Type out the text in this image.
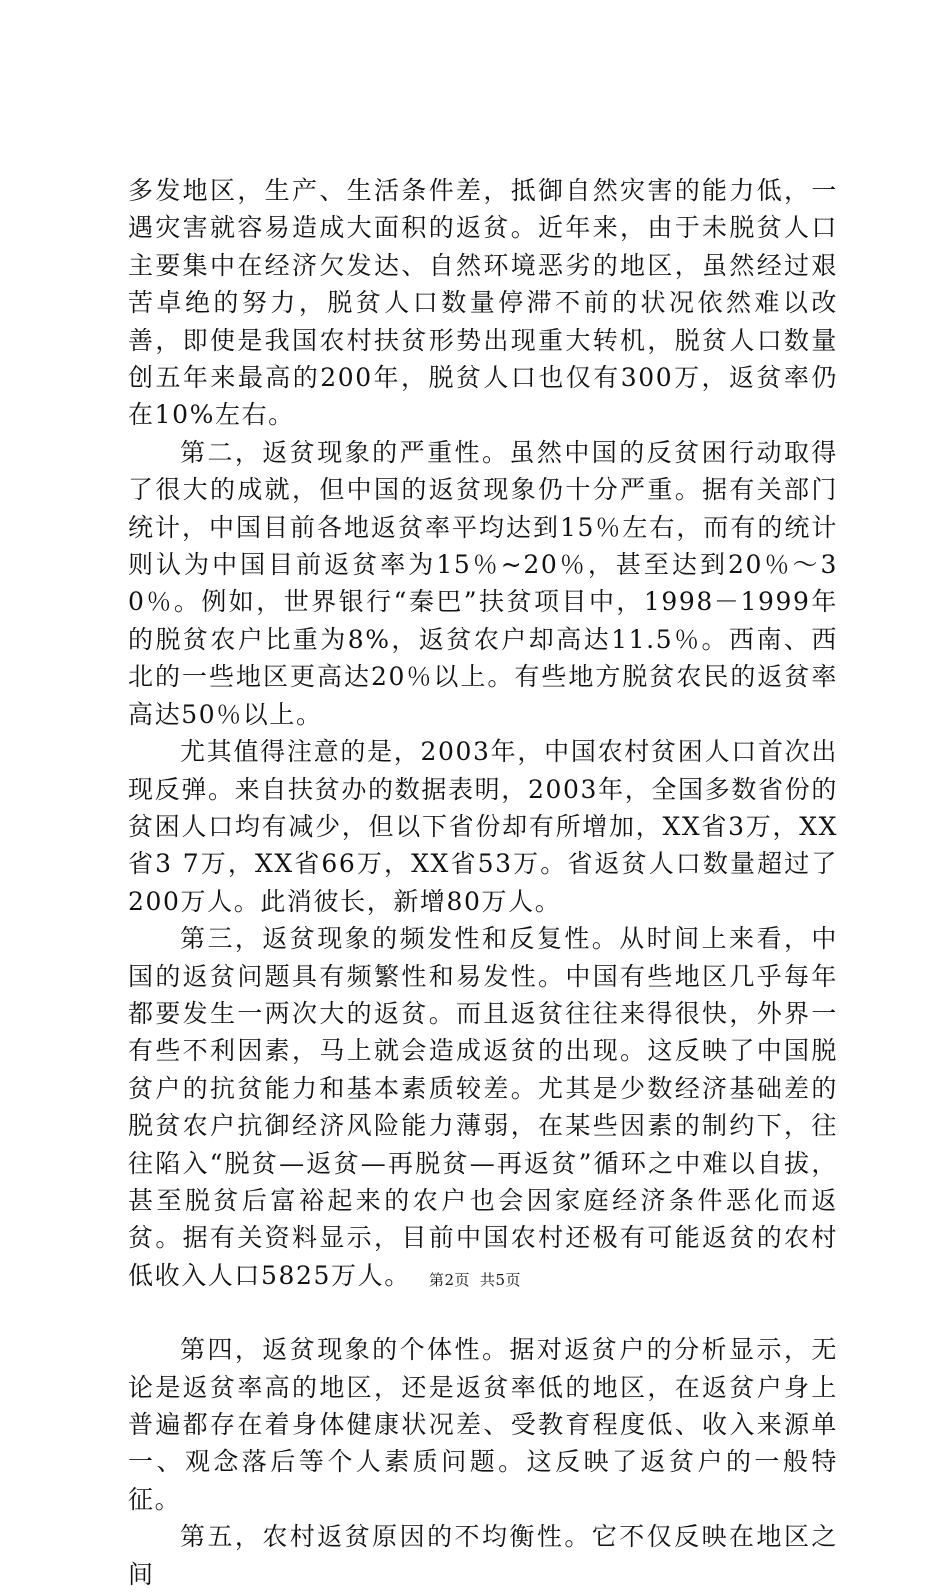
多发地区，生产、生活条件差，抵御自然灾害的能力低，一遇灾害就容易造成大面积的返贫。近年来，由于未脱贫人口主要集中在经济欠发达、自然环境恶劣的地区，虽然经过艰苦卓绝的努力，脱贫人口数量停滞不前的状况依然难以改善，即使是我国农村扶贫形势出现重大转机，脱贫人口数量创五年来最高的200年，脱贫人口也仅有300万，返贫率仍在10%左右。

第二，返贫现象的严重性。虽然中国的反贫困行动取得了很大的成就，但中国的返贫现象仍十分严重。据有关部门统计，中国目前各地返贫率平均达到15％左右，而有的统计则认为中国目前返贫率为15％~20％，甚至达到20％～30％。例如，世界银行“秦巴”扶贫项目中，1998－1999年的脱贫农户比重为8%，返贫农户却高达11.5％。西南、西北的一些地区更高达20％以上。有些地方脱贫农民的返贫率高达50％以上。

尤其值得注意的是，2003年，中国农村贫困人口首次出现反弹。来自扶贫办的数据表明，2003年，全国多数省份的贫困人口均有减少，但以下省份却有所增加，XX省3万，XX省3 7万，XX省66万，XX省53万。省返贫人口数量超过了200万人。此消彼长，新增80万人。

第三，返贫现象的频发性和反复性。从时间上来看，中国的返贫问题具有频繁性和易发性。中国有些地区几乎每年都要发生一两次大的返贫。而且返贫往往来得很快，外界一有些不利因素，马上就会造成返贫的出现。这反映了中国脱贫户的抗贫能力和基本素质较差。尤其是少数经济基础差的脱贫农户抗御经济风险能力薄弱，在某些因素的制约下，往往陷入“脱贫—返贫—再脱贫—再返贫”循环之中难以自拔，甚至脱贫后富裕起来的农户也会因家庭经济条件恶化而返贫。据有关资料显示，目前中国农村还极有可能返贫的农村低收入人口5825万人。

第四，返贫现象的个体性。据对返贫户的分析显示，无论是返贫率高的地区，还是返贫率低的地区，在返贫户身上普遍都存在着身体健康状况差、受教育程度低、收入来源单一、观念落后等个人素质问题。这反映了返贫户的一般特征。

第五，农村返贫原因的不均衡性。它不仅反映在地区之间

第2页 共5页
